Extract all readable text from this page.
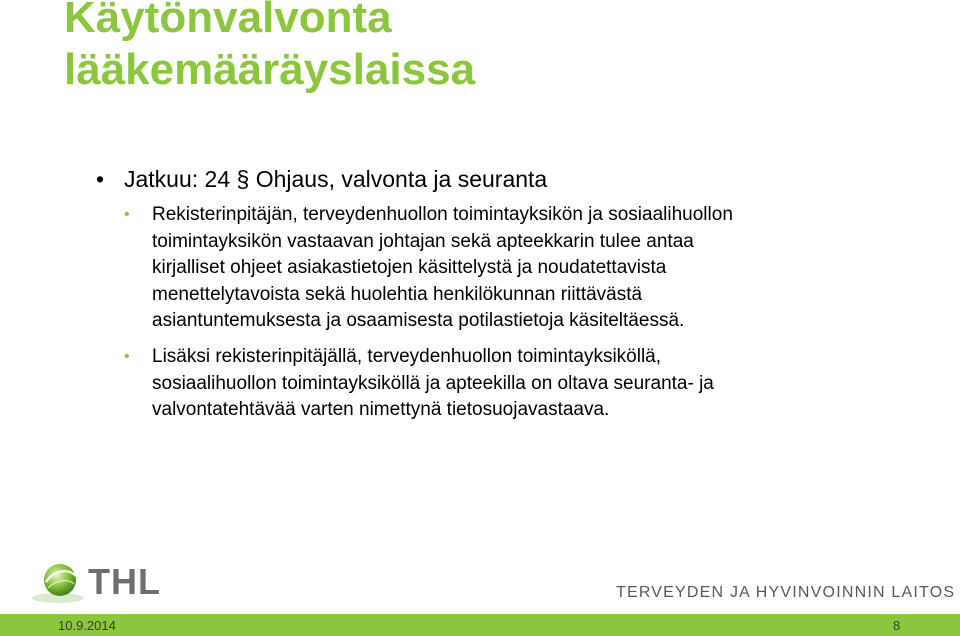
Käytönvalvonta
lääkemääräyslaissa
• Jatkuu: 24 § Ohjaus, valvonta ja seuranta
• Rekisterinpitäjän, terveydenhuollon toimintayksikön ja sosiaalihuollon
toimintayksikön vastaavan johtajan sekä apteekkarin tulee antaa
kirjalliset ohjeet asiakastietojen käsittelystä ja noudatettavista
menettelytavoista sekä huolehtia henkilökunnan riittävästä
asiantuntemuksesta ja osaamisesta potilastietoja käsiteltäessä.
• Lisäksi rekisterinpitäjällä, terveydenhuollon toimintayksiköllä,
sosiaalihuollon toimintayksiköllä ja apteekilla on oltava seuranta- ja
valvontatehtävää varten nimettynä tietosuojavastaava.
THL	TERVEYDEN JA HYVINVOINNIN LAITOS
10.9.2014	8
